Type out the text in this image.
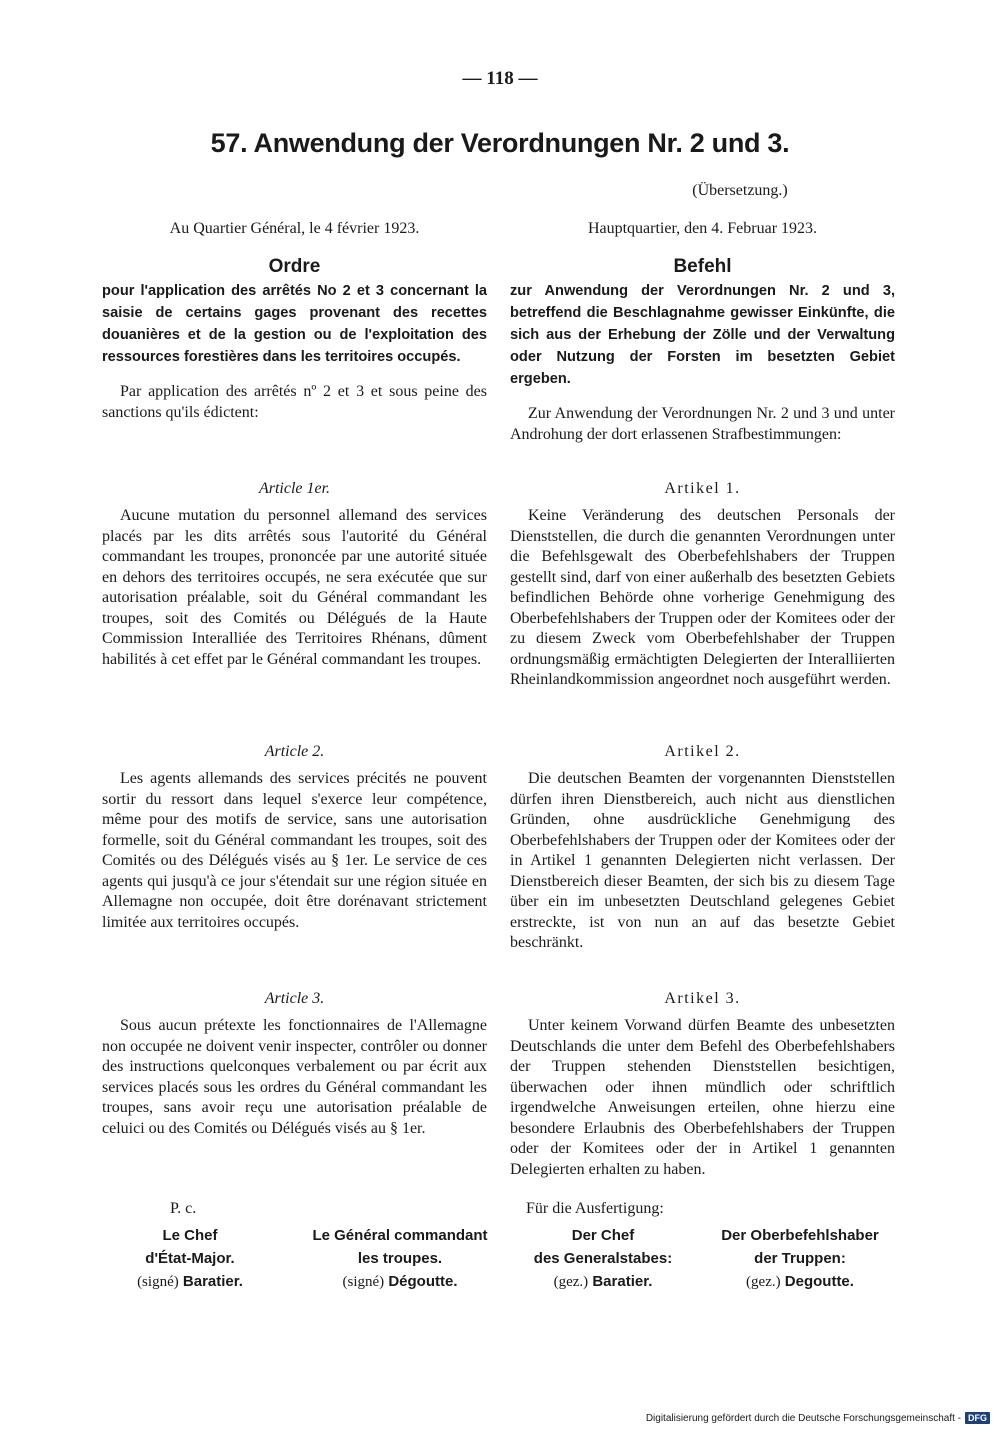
— 118 —
57. Anwendung der Verordnungen Nr. 2 und 3.
(Übersetzung.)

Au Quartier Général, le 4 février 1923.

Ordre

pour l'application des arrêtés No 2 et 3 concernant la saisie de certains gages provenant des recettes douanières et de la gestion ou de l'exploitation des ressources forestières dans les territoires occupés.

Par application des arrêtés nº 2 et 3 et sous peine des sanctions qu'ils édictent:

Article 1er.

Aucune mutation du personnel allemand des services placés par les dits arrêtés sous l'autorité du Général commandant les troupes, prononcée par une autorité située en dehors des territoires occupés, ne sera exécutée que sur autorisation préalable, soit du Général commandant les troupes, soit des Comités ou Délégués de la Haute Commission Interalliée des Territoires Rhénans, dûment habilités à cet effet par le Général commandant les troupes.

Article 2.

Les agents allemands des services précités ne pouvent sortir du ressort dans lequel s'exerce leur compétence, même pour des motifs de service, sans une autorisation formelle, soit du Général commandant les troupes, soit des Comités ou des Délégués visés au § 1er. Le service de ces agents qui jusqu'à ce jour s'étendait sur une région située en Allemagne non occupée, doit être dorénavant strictement limitée aux territoires occupés.

Article 3.

Sous aucun prétexte les fonctionnaires de l'Allemagne non occupée ne doivent venir inspecter, contrôler ou donner des instructions quelconques verbalement ou par écrit aux services placés sous les ordres du Général commandant les troupes, sans avoir reçu une autorisation préalable de celuici ou des Comités ou Délégués visés au § 1er.

Hauptquartier, den 4. Februar 1923.

Befehl

zur Anwendung der Verordnungen Nr. 2 und 3, betreffend die Beschlagnahme gewisser Einkünfte, die sich aus der Erhebung der Zölle und der Verwaltung oder Nutzung der Forsten im besetzten Gebiet ergeben.

Zur Anwendung der Verordnungen Nr. 2 und 3 und unter Androhung der dort erlassenen Strafbestimmungen:

Artikel 1.

Keine Veränderung des deutschen Personals der Dienststellen, die durch die genannten Verordnungen unter die Befehlsgewalt des Oberbefehlshabers der Truppen gestellt sind, darf von einer außerhalb des besetzten Gebiets befindlichen Behörde ohne vorherige Genehmigung des Oberbefehlshabers der Truppen oder der Komitees oder der zu diesem Zweck vom Oberbefehlshaber der Truppen ordnungsmäßig ermächtigten Delegierten der Interalliierten Rheinlandkommission angeordnet noch ausgeführt werden.

Artikel 2.

Die deutschen Beamten der vorgenannten Dienststellen dürfen ihren Dienstbereich, auch nicht aus dienstlichen Gründen, ohne ausdrückliche Genehmigung des Oberbefehlshabers der Truppen oder der Komitees oder der in Artikel 1 genannten Delegierten nicht verlassen. Der Dienstbereich dieser Beamten, der sich bis zu diesem Tage über ein im unbesetzten Deutschland gelegenes Gebiet erstreckte, ist von nun an auf das besetzte Gebiet beschränkt.

Artikel 3.

Unter keinem Vorwand dürfen Beamte des unbesetzten Deutschlands die unter dem Befehl des Oberbefehlshabers der Truppen stehenden Dienststellen besichtigen, überwachen oder ihnen mündlich oder schriftlich irgendwelche Anweisungen erteilen, ohne hierzu eine besondere Erlaubnis des Oberbefehlshabers der Truppen oder der Komitees oder der in Artikel 1 genannten Delegierten erhalten zu haben.

P. c.	Für die Ausfertigung:
Le Chef
d'État-Major.
(signé) Baratier.
Le Général commandant
les troupes.
(signé) Dégoutte.
Der Chef
des Generalstabes:
(gez.) Baratier.
Der Oberbefehlshaber
der Truppen:
(gez.) Degoutte.
Digitalisierung gefördert durch die Deutsche Forschungsgemeinschaft - DFG
